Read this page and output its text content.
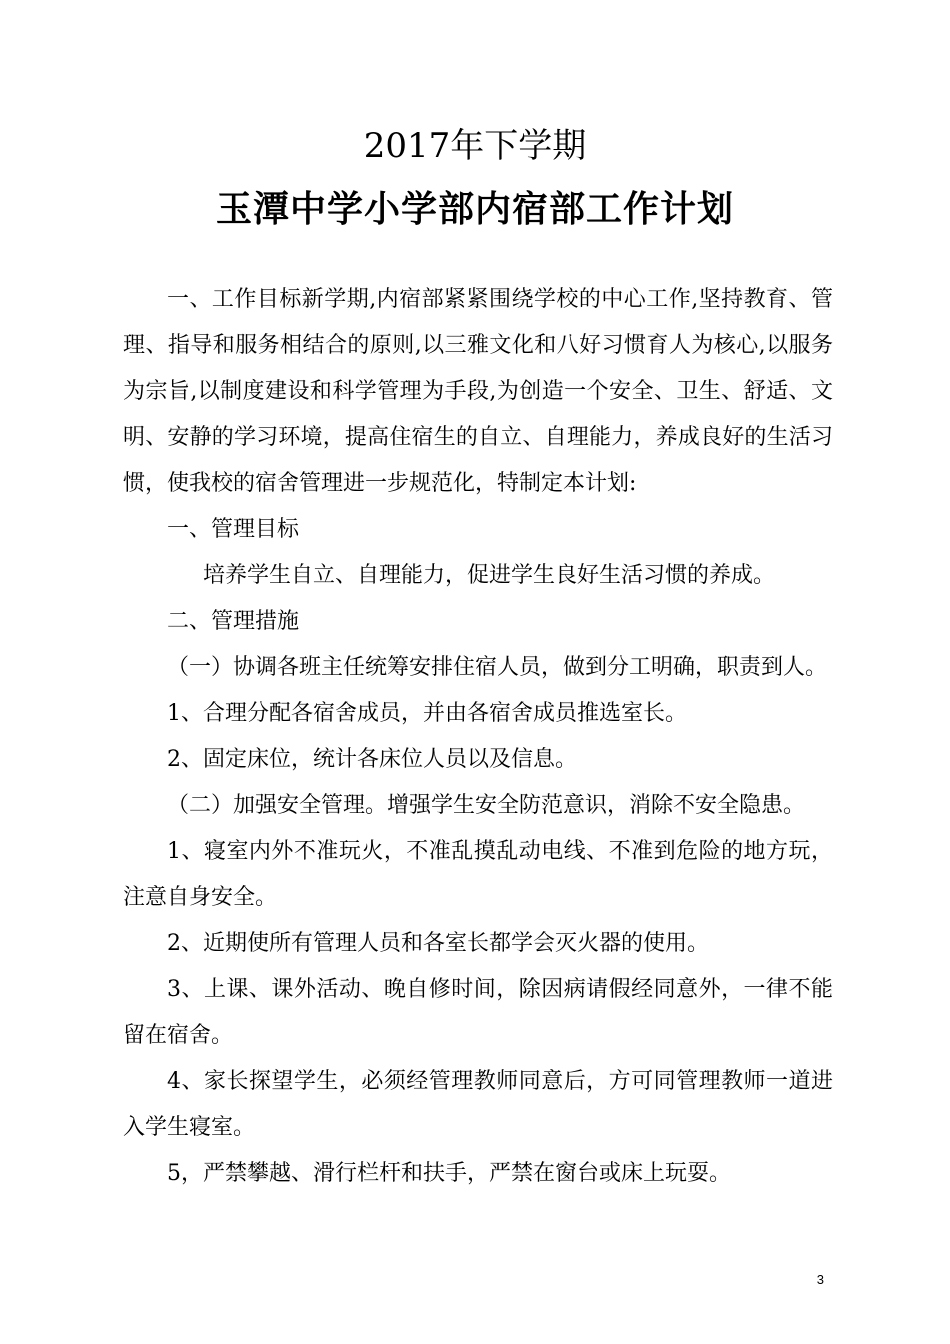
2017年下学期
玉潭中学小学部内宿部工作计划

一、工作目标新学期,内宿部紧紧围绕学校的中心工作,坚持教育、管理、指导和服务相结合的原则,以三雅文化和八好习惯育人为核心,以服务为宗旨,以制度建设和科学管理为手段,为创造一个安全、卫生、舒适、文明、安静的学习环境，提高住宿生的自立、自理能力，养成良好的生活习惯，使我校的宿舍管理进一步规范化，特制定本计划:

一、管理目标

培养学生自立、自理能力，促进学生良好生活习惯的养成。

二、管理措施

（一）协调各班主任统筹安排住宿人员，做到分工明确，职责到人。

1、合理分配各宿舍成员，并由各宿舍成员推选室长。

2、固定床位，统计各床位人员以及信息。

（二）加强安全管理。增强学生安全防范意识，消除不安全隐患。

1、寝室内外不准玩火，不准乱摸乱动电线、不准到危险的地方玩，注意自身安全。

2、近期使所有管理人员和各室长都学会灭火器的使用。

3、上课、课外活动、晚自修时间，除因病请假经同意外，一律不能留在宿舍。

4、家长探望学生，必须经管理教师同意后，方可同管理教师一道进入学生寝室。

5，严禁攀越、滑行栏杆和扶手，严禁在窗台或床上玩耍。

3
